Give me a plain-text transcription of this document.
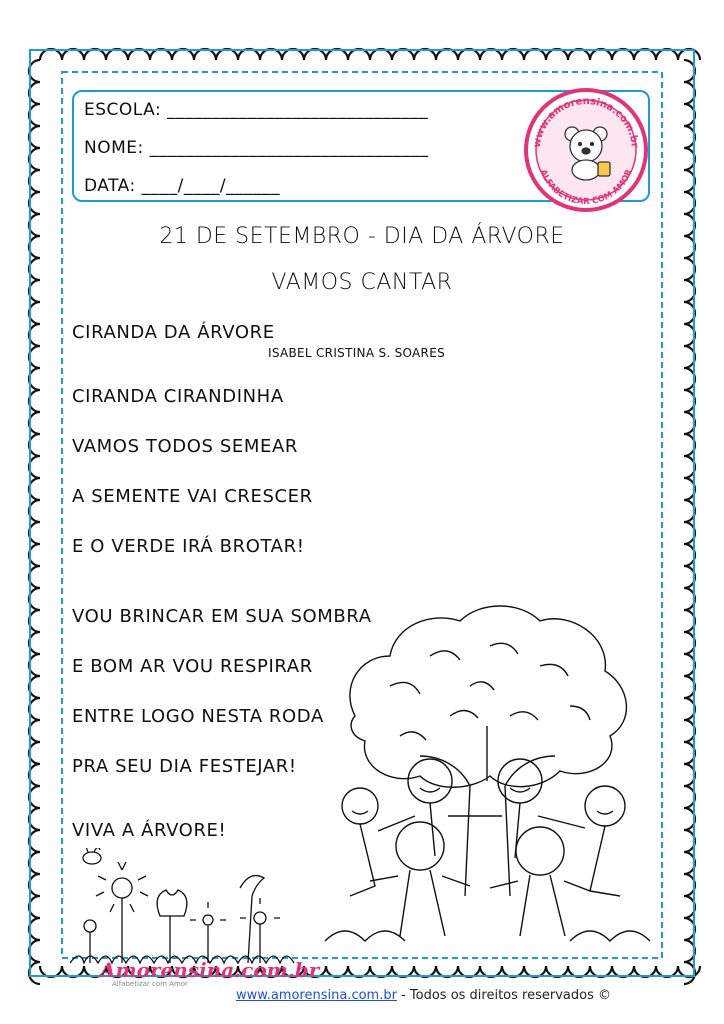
ESCOLA: _____________________________
NOME: _______________________________
DATA: ____/____/______
www.amorensina.com.br
ALFABETIZAR COM AMOR
21 DE SETEMBRO - DIA DA ÁRVORE
VAMOS CANTAR
CIRANDA DA ÁRVORE
ISABEL CRISTINA S. SOARES
CIRANDA CIRANDINHA
VAMOS TODOS SEMEAR
A SEMENTE VAI CRESCER
E O VERDE IRÁ BROTAR!
VOU BRINCAR EM SUA SOMBRA
E BOM AR VOU RESPIRAR
ENTRE LOGO NESTA RODA
PRA SEU DIA FESTEJAR!
VIVA A ÁRVORE!
Amorensina.com.br
Alfabetizar com Amor
www.amorensina.com.br - Todos os direitos reservados ©
